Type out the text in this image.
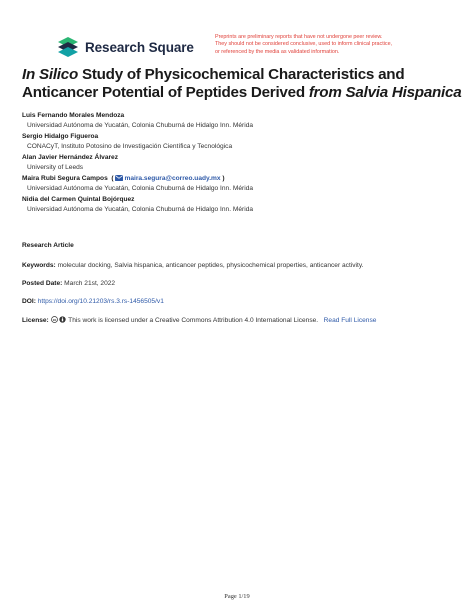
Research Square
Preprints are preliminary reports that have not undergone peer review.
They should not be considered conclusive, used to inform clinical practice,
or referenced by the media as validated information.
In Silico Study of Physicochemical Characteristics and Anticancer Potential of Peptides Derived from Salvia Hispanica
Luis Fernando Morales Mendoza
Universidad Autónoma de Yucatán, Colonia Chuburná de Hidalgo Inn. Mérida
Sergio Hidalgo Figueroa
CONACyT, Instituto Potosino de Investigación Científica y Tecnológica
Alan Javier Hernández Álvarez
University of Leeds
Maira Rubi Segura Campos  ( maira.segura@correo.uady.mx )
Universidad Autónoma de Yucatán, Colonia Chuburná de Hidalgo Inn. Mérida
Nidia del Carmen Quintal Bojórquez
Universidad Autónoma de Yucatán, Colonia Chuburná de Hidalgo Inn. Mérida
Research Article
Keywords: molecular docking, Salvia hispanica, anticancer peptides, physicochemical properties, anticancer activity.
Posted Date: March 21st, 2022
DOI: https://doi.org/10.21203/rs.3.rs-1456505/v1
License: cc This work is licensed under a Creative Commons Attribution 4.0 International License. Read Full License
Page 1/19
